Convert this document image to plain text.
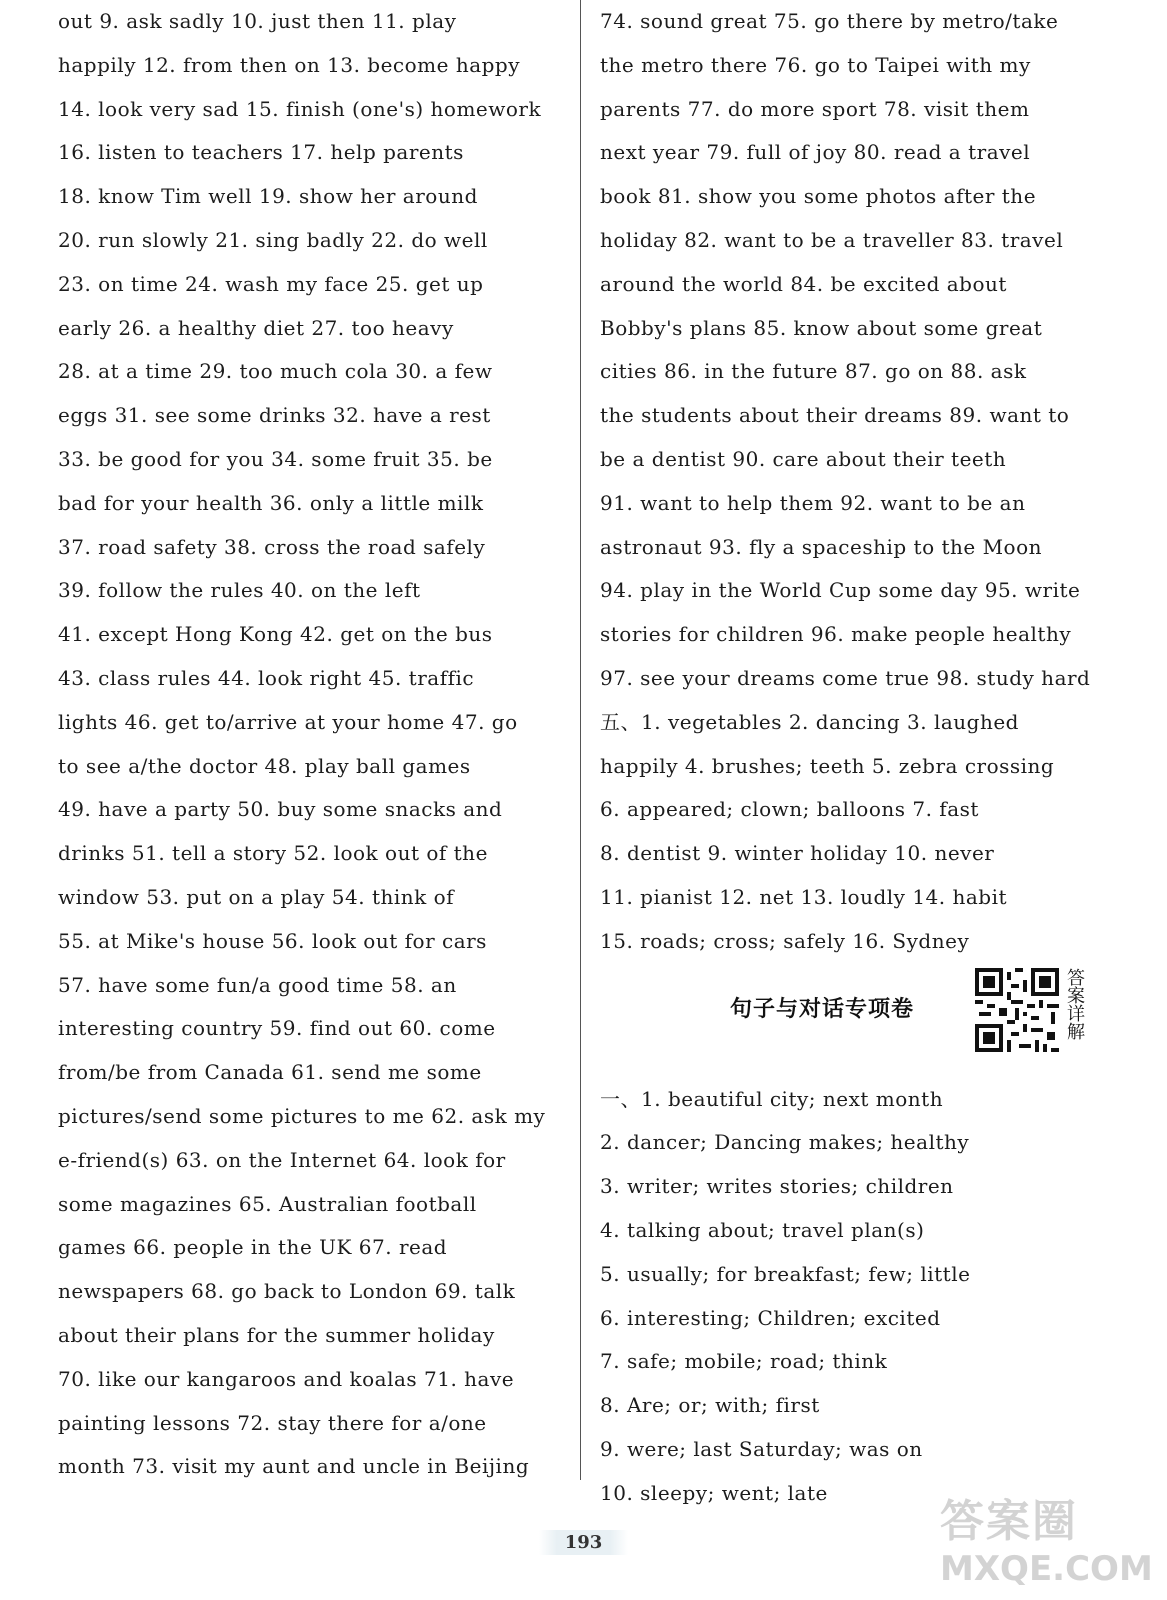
out 9. ask sadly 10. just then 11. play
happily 12. from then on 13. become happy
14. look very sad 15. finish (one's) homework
16. listen to teachers 17. help parents
18. know Tim well 19. show her around
20. run slowly 21. sing badly 22. do well
23. on time 24. wash my face 25. get up
early 26. a healthy diet 27. too heavy
28. at a time 29. too much cola 30. a few
eggs 31. see some drinks 32. have a rest
33. be good for you 34. some fruit 35. be
bad for your health 36. only a little milk
37. road safety 38. cross the road safely
39. follow the rules 40. on the left
41. except Hong Kong 42. get on the bus
43. class rules 44. look right 45. traffic
lights 46. get to/arrive at your home 47. go
to see a/the doctor 48. play ball games
49. have a party 50. buy some snacks and
drinks 51. tell a story 52. look out of the
window 53. put on a play 54. think of
55. at Mike's house 56. look out for cars
57. have some fun/a good time 58. an
interesting country 59. find out 60. come
from/be from Canada 61. send me some
pictures/send some pictures to me 62. ask my
e-friend(s) 63. on the Internet 64. look for
some magazines 65. Australian football
games 66. people in the UK 67. read
newspapers 68. go back to London 69. talk
about their plans for the summer holiday
70. like our kangaroos and koalas 71. have
painting lessons 72. stay there for a/one
month 73. visit my aunt and uncle in Beijing
74. sound great 75. go there by metro/take
the metro there 76. go to Taipei with my
parents 77. do more sport 78. visit them
next year 79. full of joy 80. read a travel
book 81. show you some photos after the
holiday 82. want to be a traveller 83. travel
around the world 84. be excited about
Bobby's plans 85. know about some great
cities 86. in the future 87. go on 88. ask
the students about their dreams 89. want to
be a dentist 90. care about their teeth
91. want to help them 92. want to be an
astronaut 93. fly a spaceship to the Moon
94. play in the World Cup some day 95. write
stories for children 96. make people healthy
97. see your dreams come true 98. study hard
五、1. vegetables 2. dancing 3. laughed
happily 4. brushes; teeth 5. zebra crossing
6. appeared; clown; balloons 7. fast
8. dentist 9. winter holiday 10. never
11. pianist 12. net 13. loudly 14. habit
15. roads; cross; safely 16. Sydney
句子与对话专项卷	答案详解
一、1. beautiful city; next month
2. dancer; Dancing makes; healthy
3. writer; writes stories; children
4. talking about; travel plan(s)
5. usually; for breakfast; few; little
6. interesting; Children; excited
7. safe; mobile; road; think
8. Are; or; with; first
9. were; last Saturday; was on
10. sleepy; went; late
193	答案圈
MXQE.COM
